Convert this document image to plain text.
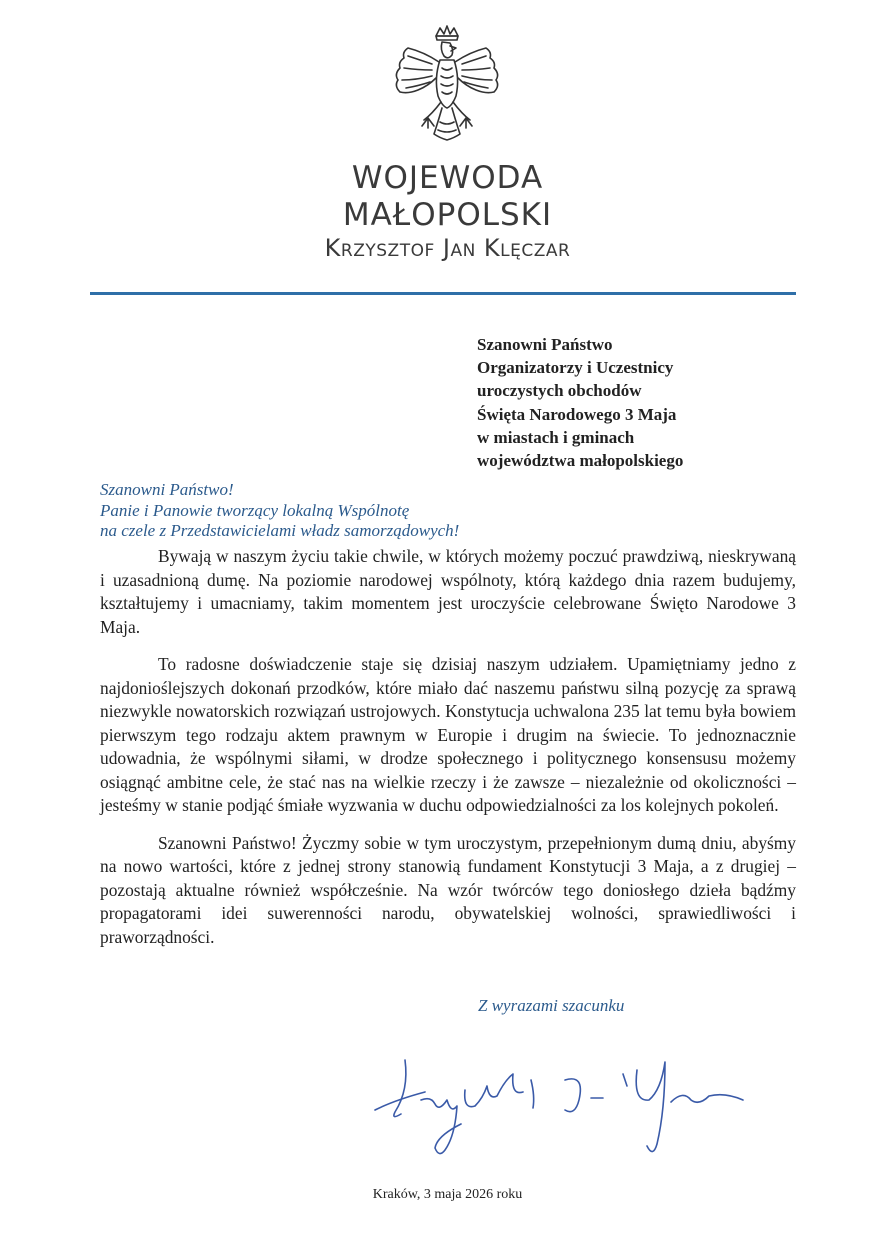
WOJEWODA
MAŁOPOLSKI
Krzysztof Jan Klęczar
Szanowni Państwo
Organizatorzy i Uczestnicy
uroczystych obchodów
Święta Narodowego 3 Maja
w miastach i gminach
województwa małopolskiego
Szanowni Państwo!
Panie i Panowie tworzący lokalną Wspólnotę
na czele z Przedstawicielami władz samorządowych!

Bywają w naszym życiu takie chwile, w których możemy poczuć prawdziwą, nieskrywaną i uzasadnioną dumę. Na poziomie narodowej wspólnoty, którą każdego dnia razem budujemy, kształtujemy i umacniamy, takim momentem jest uroczyście celebrowane Święto Narodowe 3 Maja.

To radosne doświadczenie staje się dzisiaj naszym udziałem. Upamiętniamy jedno z najdonioślejszych dokonań przodków, które miało dać naszemu państwu silną pozycję za sprawą niezwykle nowatorskich rozwiązań ustrojowych. Konstytucja uchwalona 235 lat temu była bowiem pierwszym tego rodzaju aktem prawnym w Europie i drugim na świecie. To jednoznacznie udowadnia, że wspólnymi siłami, w drodze społecznego i politycznego konsensusu możemy osiągnąć ambitne cele, że stać nas na wielkie rzeczy i że zawsze – niezależnie od okoliczności – jesteśmy w stanie podjąć śmiałe wyzwania w duchu odpowiedzialności za los kolejnych pokoleń.

Szanowni Państwo! Życzmy sobie w tym uroczystym, przepełnionym dumą dniu, abyśmy na nowo wartości, które z jednej strony stanowią fundament Konstytucji 3 Maja, a z drugiej – pozostają aktualne również współcześnie. Na wzór twórców tego doniosłego dzieła bądźmy propagatorami idei suwerenności narodu, obywatelskiej wolności, sprawiedliwości i praworządności.

Z wyrazami szacunku
Kraków, 3 maja 2026 roku
